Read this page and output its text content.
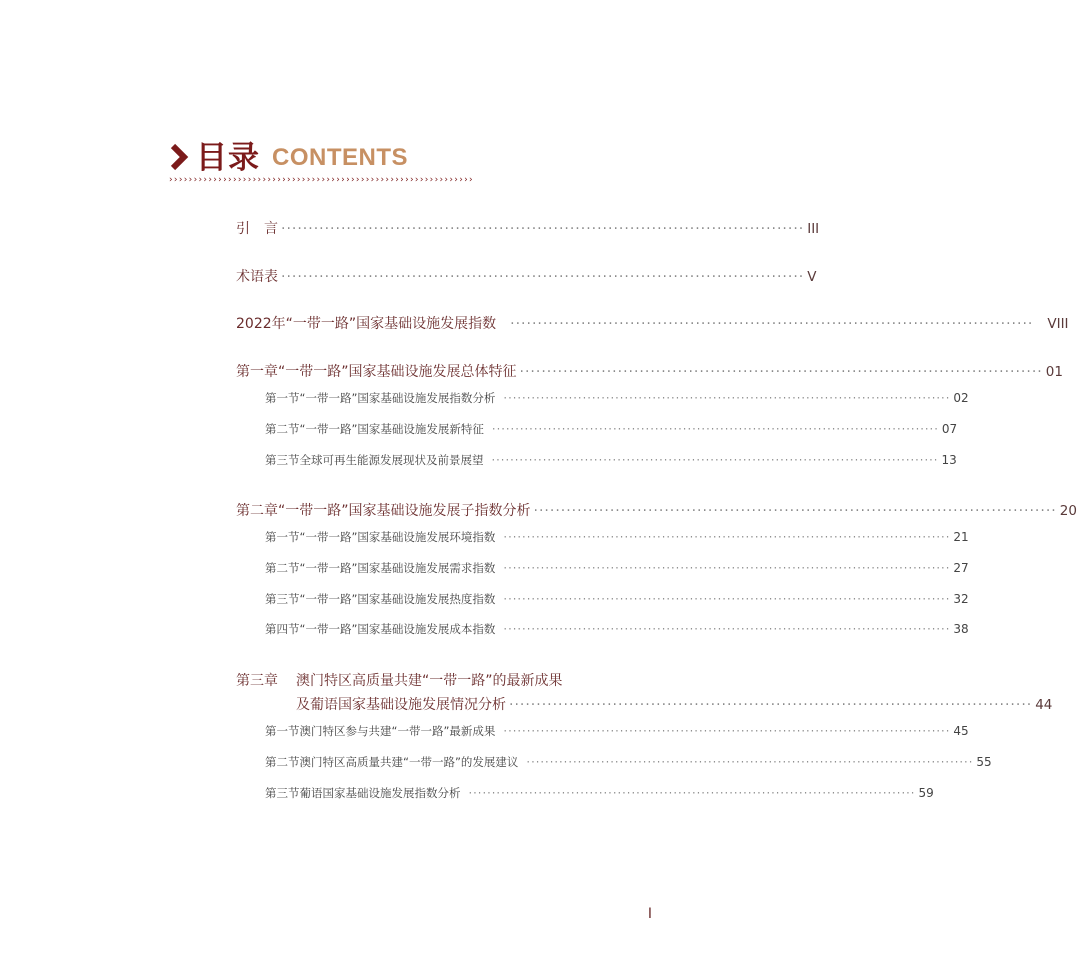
目录 CONTENTS
››››››››››››››››››››››››››››››››››››››››››››››››››››››››››››››
引　言 ································································································ III
术语表 ································································································ V
2022年“一带一路”国家基础设施发展指数 ································································································ VIII
第一章 “一带一路”国家基础设施发展总体特征 ································································································ 01
第一节 “一带一路”国家基础设施发展指数分析 ································································································ 02
第二节 “一带一路”国家基础设施发展新特征 ································································································ 07
第三节 全球可再生能源发展现状及前景展望 ································································································ 13
第二章 “一带一路”国家基础设施发展子指数分析 ································································································ 20
第一节 “一带一路”国家基础设施发展环境指数 ································································································ 21
第二节 “一带一路”国家基础设施发展需求指数 ································································································ 27
第三节 “一带一路”国家基础设施发展热度指数 ································································································ 32
第四节 “一带一路”国家基础设施发展成本指数 ································································································ 38
第三章 澳门特区高质量共建“一带一路”的最新成果
及葡语国家基础设施发展情况分析 ································································································ 44
第一节 澳门特区参与共建“一带一路”最新成果 ································································································ 45
第二节 澳门特区高质量共建“一带一路”的发展建议 ································································································ 55
第三节 葡语国家基础设施发展指数分析 ································································································ 59
I
